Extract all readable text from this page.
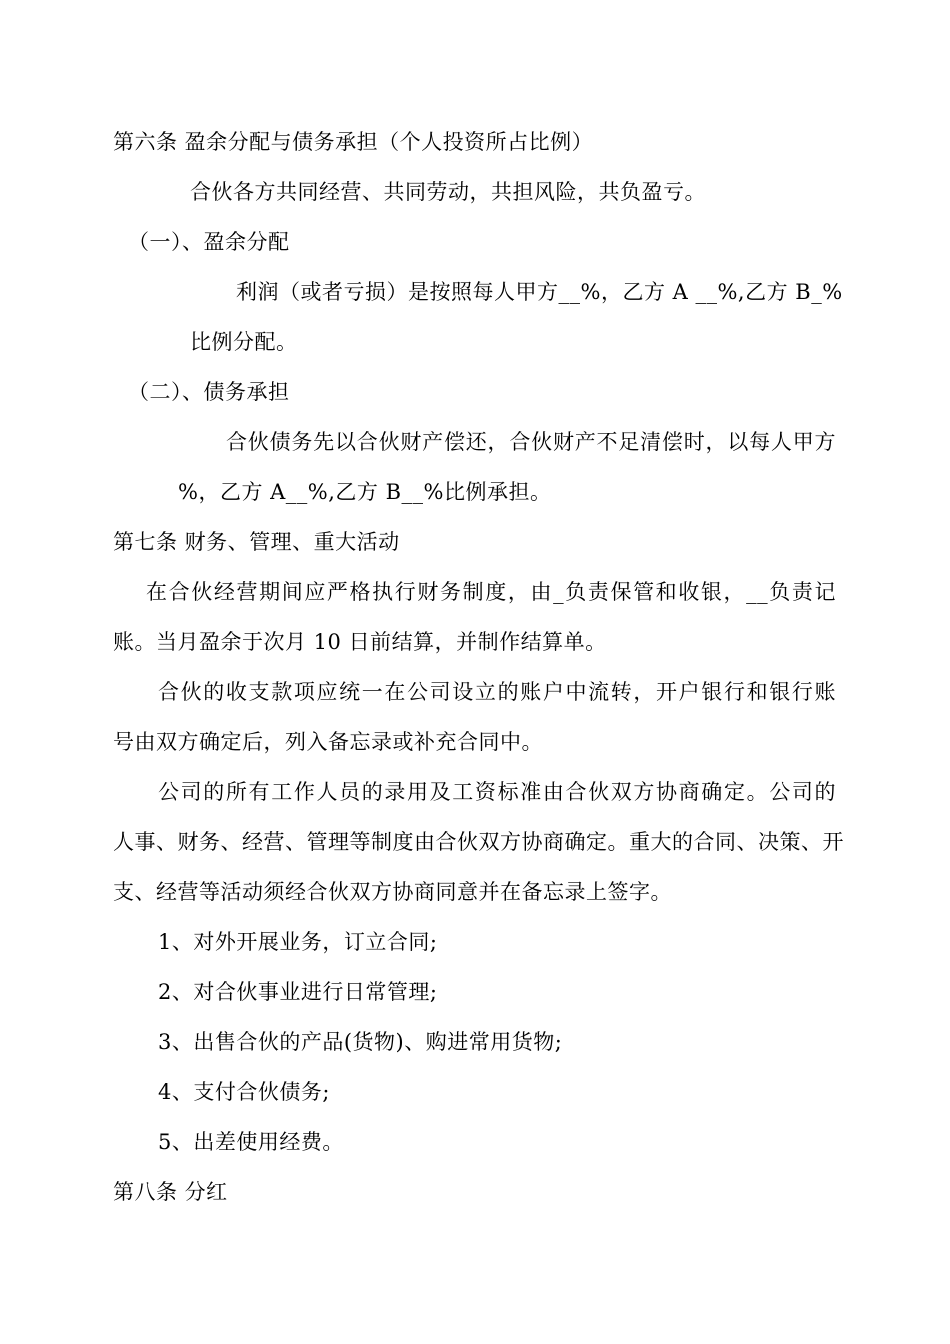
第六条 盈余分配与债务承担（个人投资所占比例）
合伙各方共同经营、共同劳动，共担风险，共负盈亏。
（一）、盈余分配
利润（或者亏损）是按照每人甲方__%，乙方 A __%,乙方 B_%
比例分配。
（二）、债务承担
合伙债务先以合伙财产偿还，合伙财产不足清偿时，以每人甲方
%，乙方 A__%,乙方 B__%比例承担。
第七条 财务、管理、重大活动
在合伙经营期间应严格执行财务制度，由_负责保管和收银，__负责记
账。当月盈余于次月 10 日前结算，并制作结算单。
合伙的收支款项应统一在公司设立的账户中流转，开户银行和银行账
号由双方确定后，列入备忘录或补充合同中。
公司的所有工作人员的录用及工资标准由合伙双方协商确定。公司的
人事、财务、经营、管理等制度由合伙双方协商确定。重大的合同、决策、开
支、经营等活动须经合伙双方协商同意并在备忘录上签字。
1、对外开展业务，订立合同;
2、对合伙事业进行日常管理;
3、出售合伙的产品(货物)、购进常用货物;
4、支付合伙债务;
5、出差使用经费。
第八条 分红
